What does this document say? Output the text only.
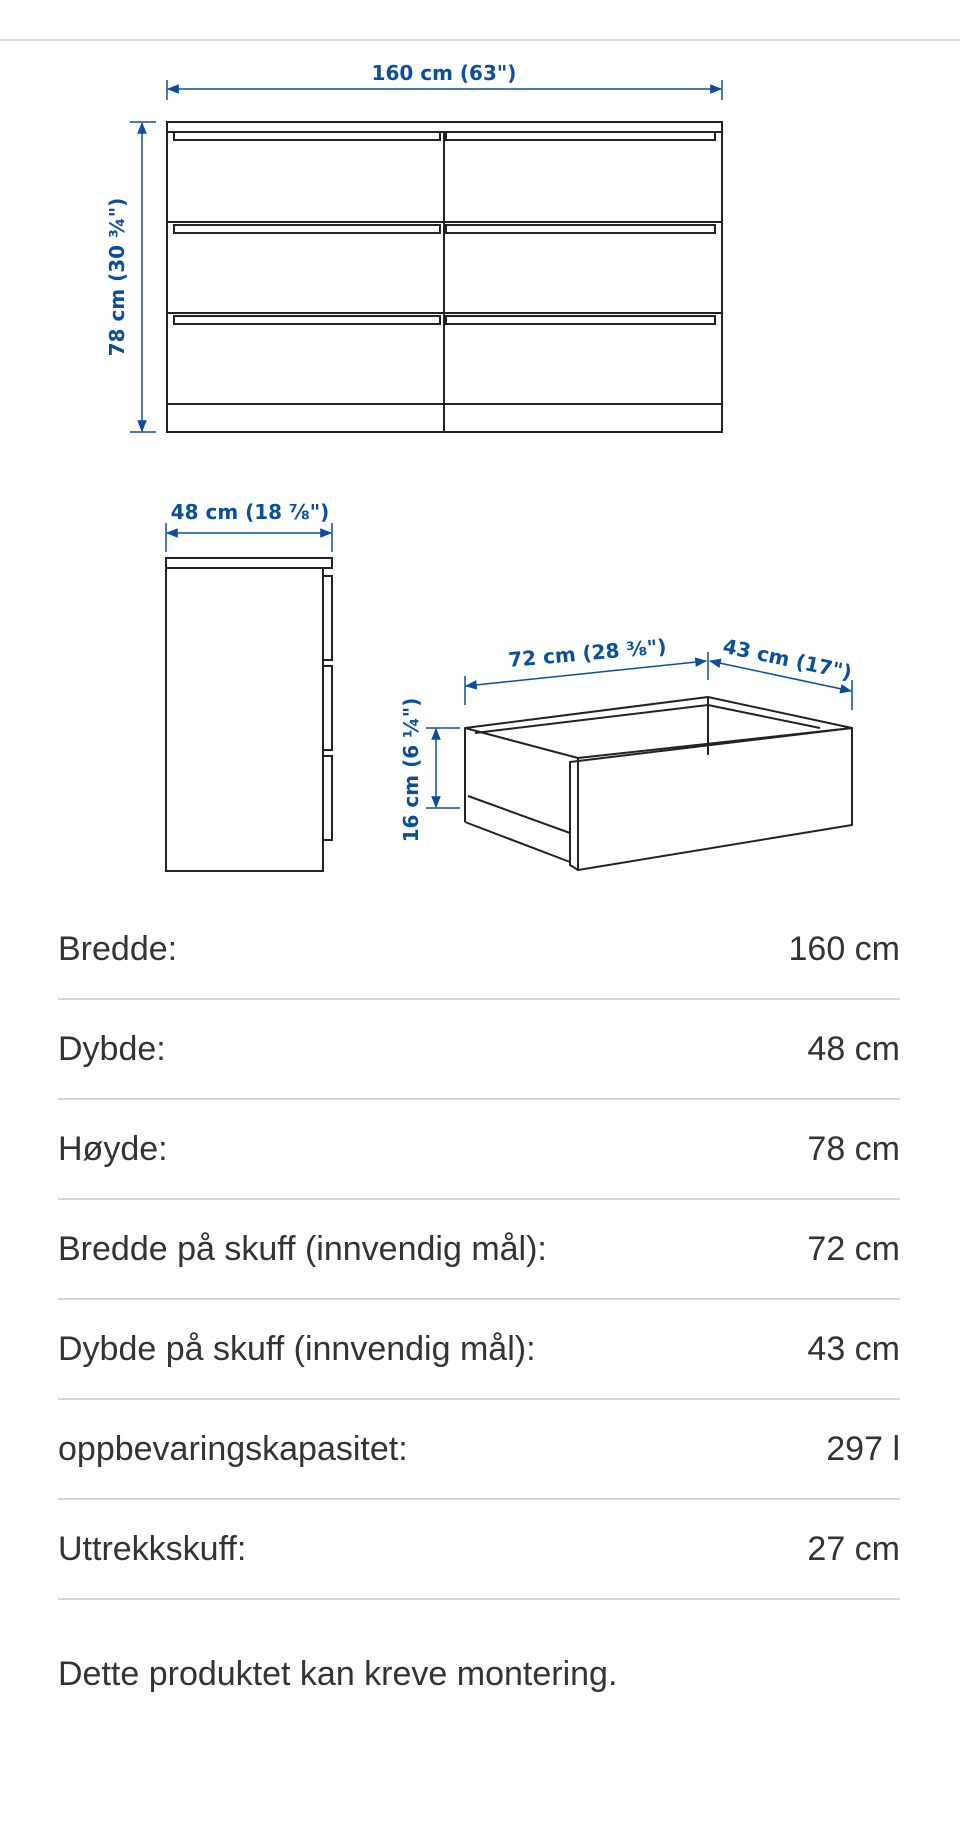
160 cm (63")
78 cm (30 ¾")
48 cm (18 ⅞")
72 cm (28 ⅜")	43 cm (17")
16 cm (6 ¼")
Bredde:	160 cm
Dybde:	48 cm
Høyde:	78 cm
Bredde på skuff (innvendig mål):	72 cm
Dybde på skuff (innvendig mål):	43 cm
oppbevaringskapasitet:	297 l
Uttrekkskuff:	27 cm
Dette produktet kan kreve montering.
